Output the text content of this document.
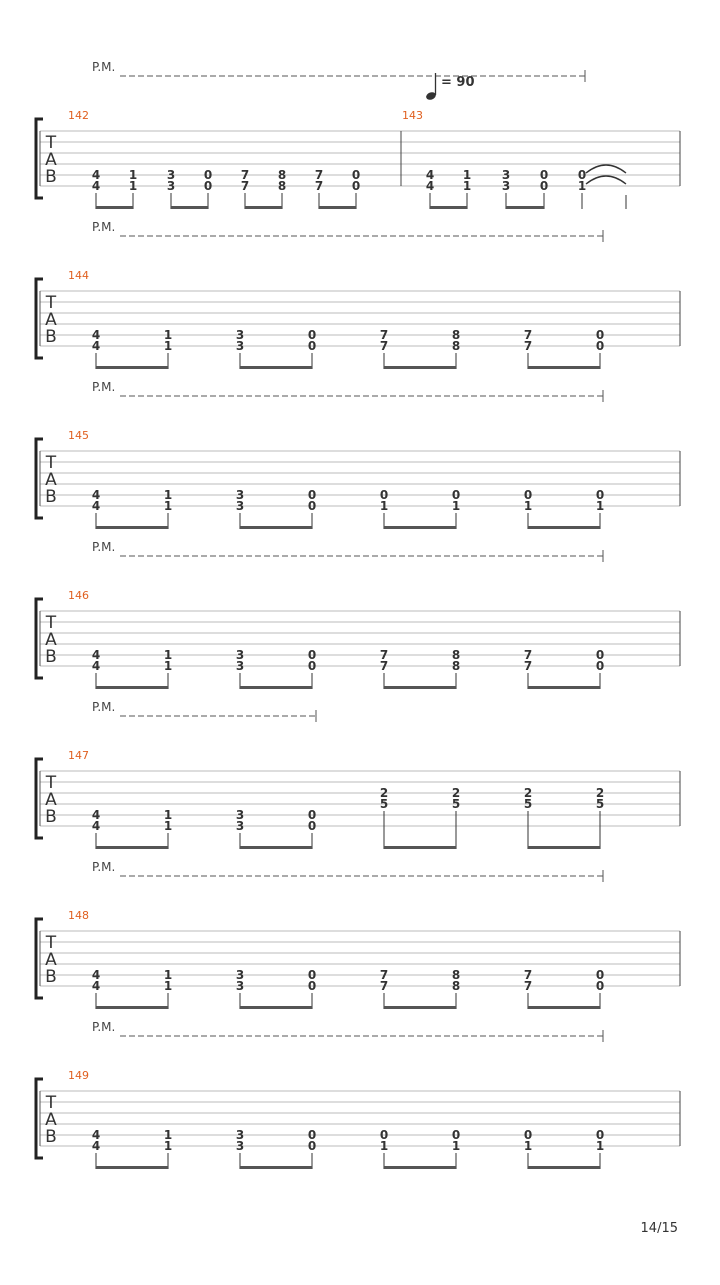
P.M.
T
A
B
142
4
4
1
1
3
3
0
0
7
7
8
8
7
7
0
0
143
4
4
1
1
3
3
0
0
0
1
P.M.
T
A
B
144
4
4
1
1
3
3
0
0
7
7
8
8
7
7
0
0
P.M.
T
A
B
145
4
4
1
1
3
3
0
0
0
1
0
1
0
1
0
1
P.M.
T
A
B
146
4
4
1
1
3
3
0
0
7
7
8
8
7
7
0
0
P.M.
T
A
B
147
4
4
1
1
3
3
0
0
2
5
2
5
2
5
2
5
P.M.
T
A
B
148
4
4
1
1
3
3
0
0
7
7
8
8
7
7
0
0
P.M.
T
A
B
149
4
4
1
1
3
3
0
0
0
1
0
1
0
1
0
1
= 90
14/15
